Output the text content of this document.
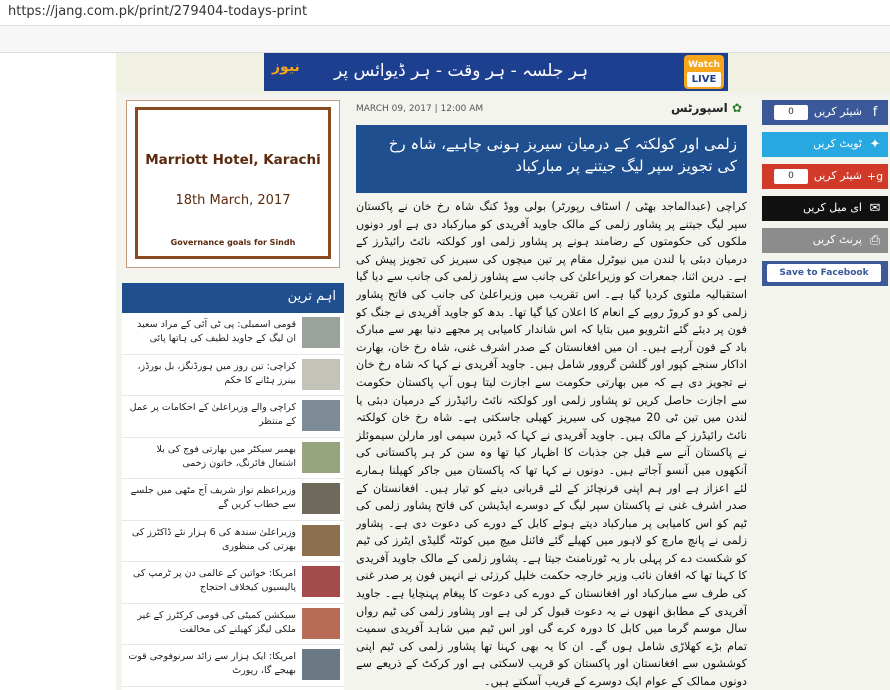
https://jang.com.pk/print/279404-todays-print
نیوز ہر جلسہ - ہر وقت - ہر ڈیوائس پر	Watch
LIVE
Marriott Hotel, Karachi
18th March, 2017
Governance goals for Sindh
اہم ترین
قومی اسمبلی: پی ٹی آئی کے مراد سعید ان لیگ کے جاوید لطیف کی ہاتھا پائی
کراچی: تین روز میں ہورڈنگز، بل بورڈز، بینرز ہٹانے کا حکم
کراچی والے وزیراعلیٰ کے احکامات پر عمل کے منتظر
بھمبر سیکٹر میں بھارتی فوج کی بلا اشتعال فائرنگ، خاتون زخمی
وزیراعظم نواز شریف آج مٹھی میں جلسے سے خطاب کریں گے
وزیراعلیٰ سندھ کی 6 ہزار نئے ڈاکٹرز کی بھرتی کی منظوری
امریکا: خواتین کے عالمی دن پر ٹرمپ کی پالیسیوں کیخلاف احتجاج
سیکشن کمیٹی کی قومی کرکٹرز کے غیر ملکی لیگز کھیلنے کی مخالفت
امریکا: ایک ہزار سے زائد سرنوفوجی قوت بھیجے گا، رپورٹ
MARCH 09, 2017 | 12:00 AM	✿ اسپورٹس
زلمی اور کولکتہ کے درمیان سیریز ہونی چاہیے، شاہ رخ کی تجویز سپر لیگ جیتنے پر مبارکباد
کراچی (عبدالماجد بھٹی / اسٹاف رپورٹر) بولی ووڈ کنگ شاہ رخ خان نے پاکستان سپر لیگ جیتنے پر پشاور زلمی کے مالک جاوید آفریدی کو مبارکباد دی ہے اور دونوں ملکوں کی حکومتوں کے رضامند ہونے پر پشاور زلمی اور کولکتہ نائٹ رائیڈرز کے درمیان دبئی یا لندن میں نیوٹرل مقام پر تین میچوں کی سیریز کی تجویز پیش کی ہے۔ درین اثنا، جمعرات کو وزیراعلیٰ کی جانب سے پشاور زلمی کی جانب سے دیا گیا استقبالیہ ملتوی کردیا گیا ہے۔ اس تقریب میں وزیراعلیٰ کی جانب کی فاتح پشاور زلمی کو دو کروڑ روپے کے انعام کا اعلان کیا گیا تھا۔ بدھ کو جاوید آفریدی نے جنگ کو فون پر دیئے گئے انٹرویو میں بتایا کہ اس شاندار کامیابی پر مجھے دنیا بھر سے مبارک باد کے فون آرہے ہیں۔ ان میں افغانستان کے صدر اشرف غنی، شاہ رخ خان، بھارت اداکار سنجے کپور اور گلشن گروور شامل ہیں۔ جاوید آفریدی نے کہا کہ شاہ رخ خان نے تجویز دی ہے کہ میں بھارتی حکومت سے اجازت لیتا ہوں آپ پاکستان حکومت سے اجازت حاصل کریں تو پشاور زلمی اور کولکتہ نائٹ رائیڈرز کے درمیان دبئی یا لندن میں تین ٹی 20 میچوں کی سیریز کھیلی جاسکتی ہے۔ شاہ رخ خان کولکتہ نائٹ رائیڈرز کے مالک ہیں۔ جاوید آفریدی نے کہا کہ ڈیرن سیمی اور مارلن سیموئلز نے پاکستان آنے سے قبل جن جذبات کا اظہار کیا تھا وہ سن کر ہر پاکستانی کی آنکھوں میں آنسو آجاتے ہیں۔ دونوں نے کہا تھا کہ پاکستان میں جاکر کھیلنا ہمارے لئے اعزاز ہے اور ہم اپنی فرنچائز کے لئے قربانی دینے کو تیار ہیں۔ افغانستان کے صدر اشرف غنی نے پاکستان سپر لیگ کے دوسرے ایڈیشن کی فاتح پشاور زلمی کی ٹیم کو اس کامیابی پر مبارکباد دیتے ہوئے کابل کے دورے کی دعوت دی ہے۔ پشاور زلمی نے پانچ مارچ کو لاہور میں کھیلے گئے فائنل میچ میں کوئٹہ گلیڈی ایٹرز کی ٹیم کو شکست دے کر پہلی بار یہ ٹورنامنٹ جیتا ہے۔ پشاور زلمی کے مالک جاوید آفریدی کا کہنا تھا کہ افغان نائب وزیر خارجہ حکمت خلیل کرزئی نے انہیں فون پر صدر غنی کی طرف سے مبارکباد اور افغانستان کے دورے کی دعوت کا پیغام پہنچایا ہے۔ جاوید آفریدی کے مطابق انھوں نے یہ دعوت قبول کر لی ہے اور پشاور زلمی کی ٹیم رواں سال موسم گرما میں کابل کا دورہ کرے گی اور اس ٹیم میں شاہد آفریدی سمیت تمام بڑے کھلاڑی شامل ہوں گے۔ ان کا یہ بھی کہنا تھا پشاور زلمی کی ٹیم اپنی کوششوں سے افغانستان اور پاکستان کو قریب لاسکتی ہے اور کرکٹ کے ذریعے سے دونوں ممالک کے عوام ایک دوسرے کے قریب آسکتے ہیں۔
0	شیئر کریں f
ٹویٹ کریں ✦
0	شیئر کریں g+
ای میل کریں ✉
پرنٹ کریں ⎙
Save to Facebook
